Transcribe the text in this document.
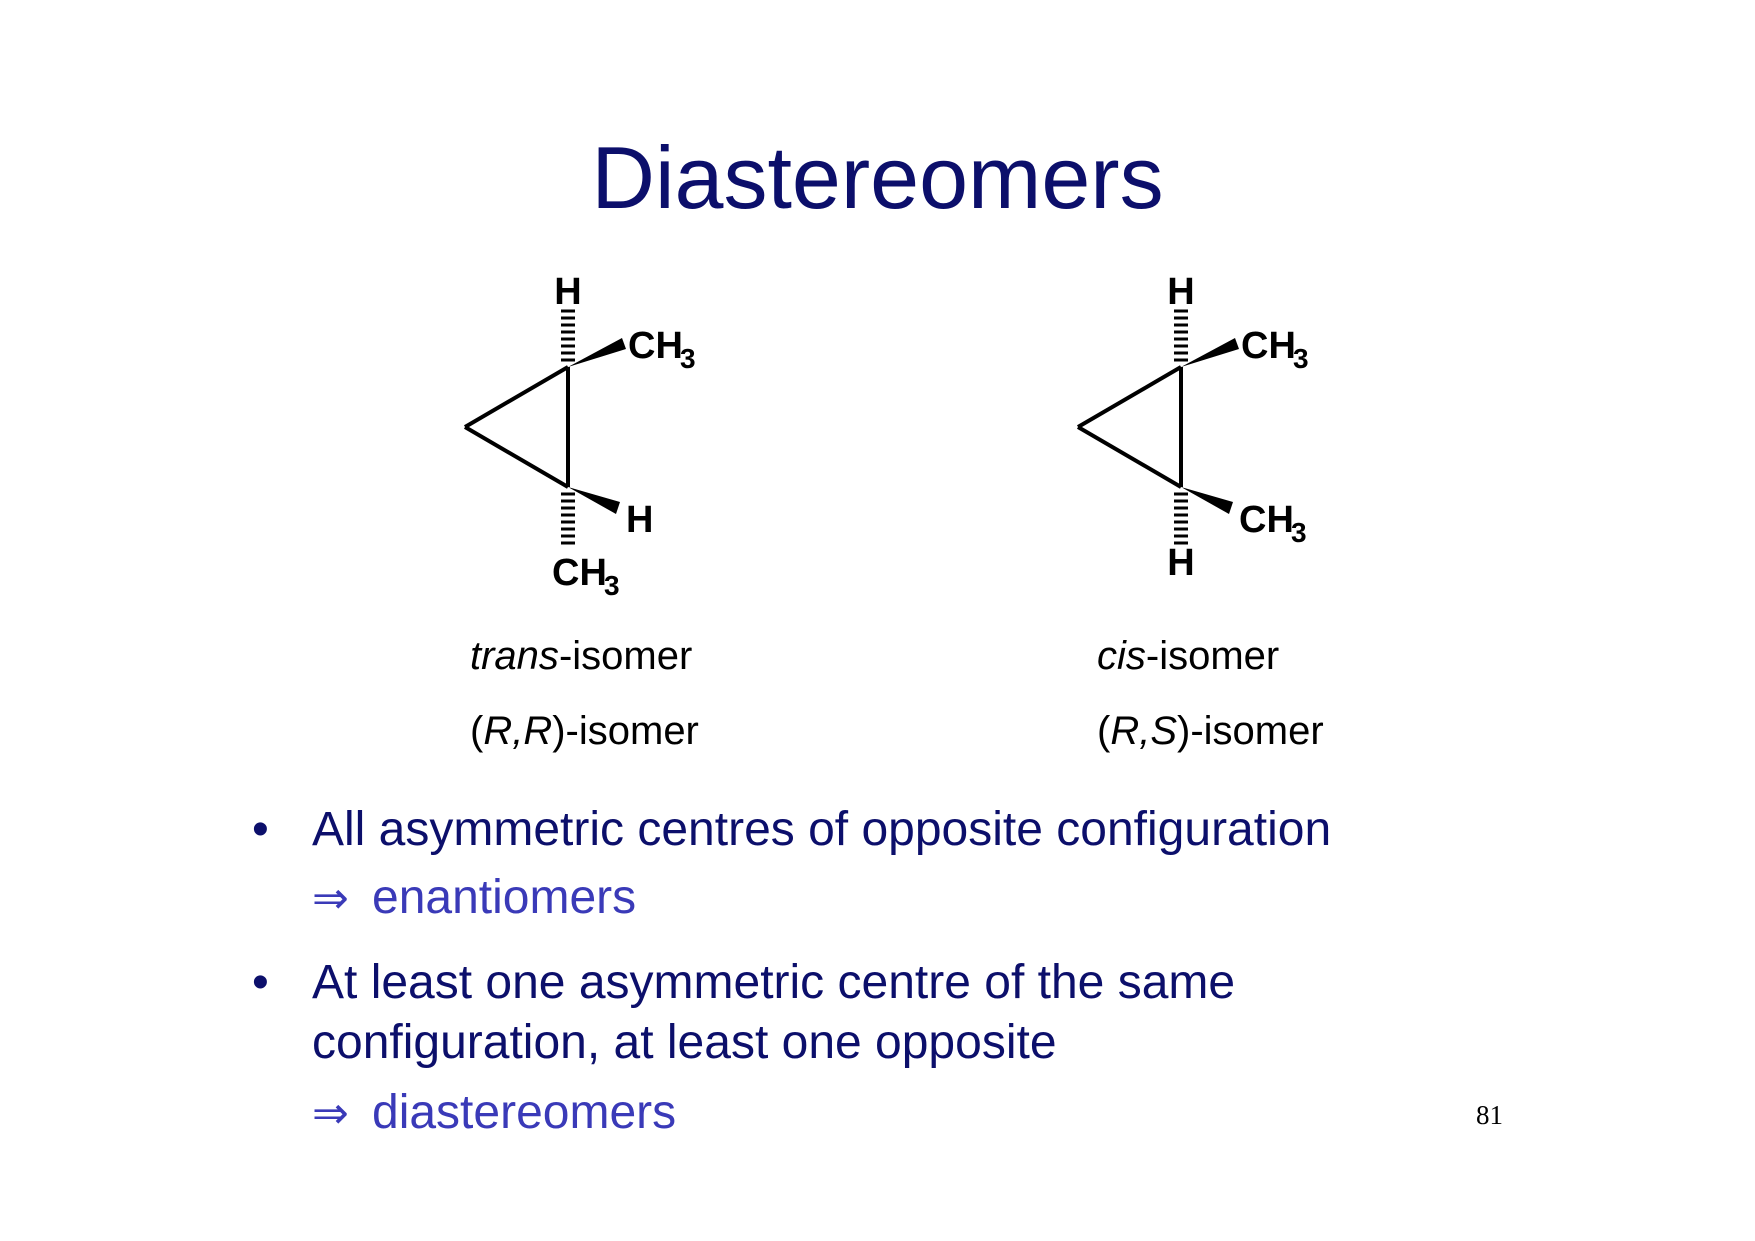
Diastereomers
H
CH
3
H
CH
3
H
CH
3
CH
3
H
trans-isomer
(R,R)-isomer
cis-isomer
(R,S)-isomer
• All asymmetric centres of opposite configuration
⇒ enantiomers
• At least one asymmetric centre of the same configuration, at least one opposite
⇒ diastereomers	81
